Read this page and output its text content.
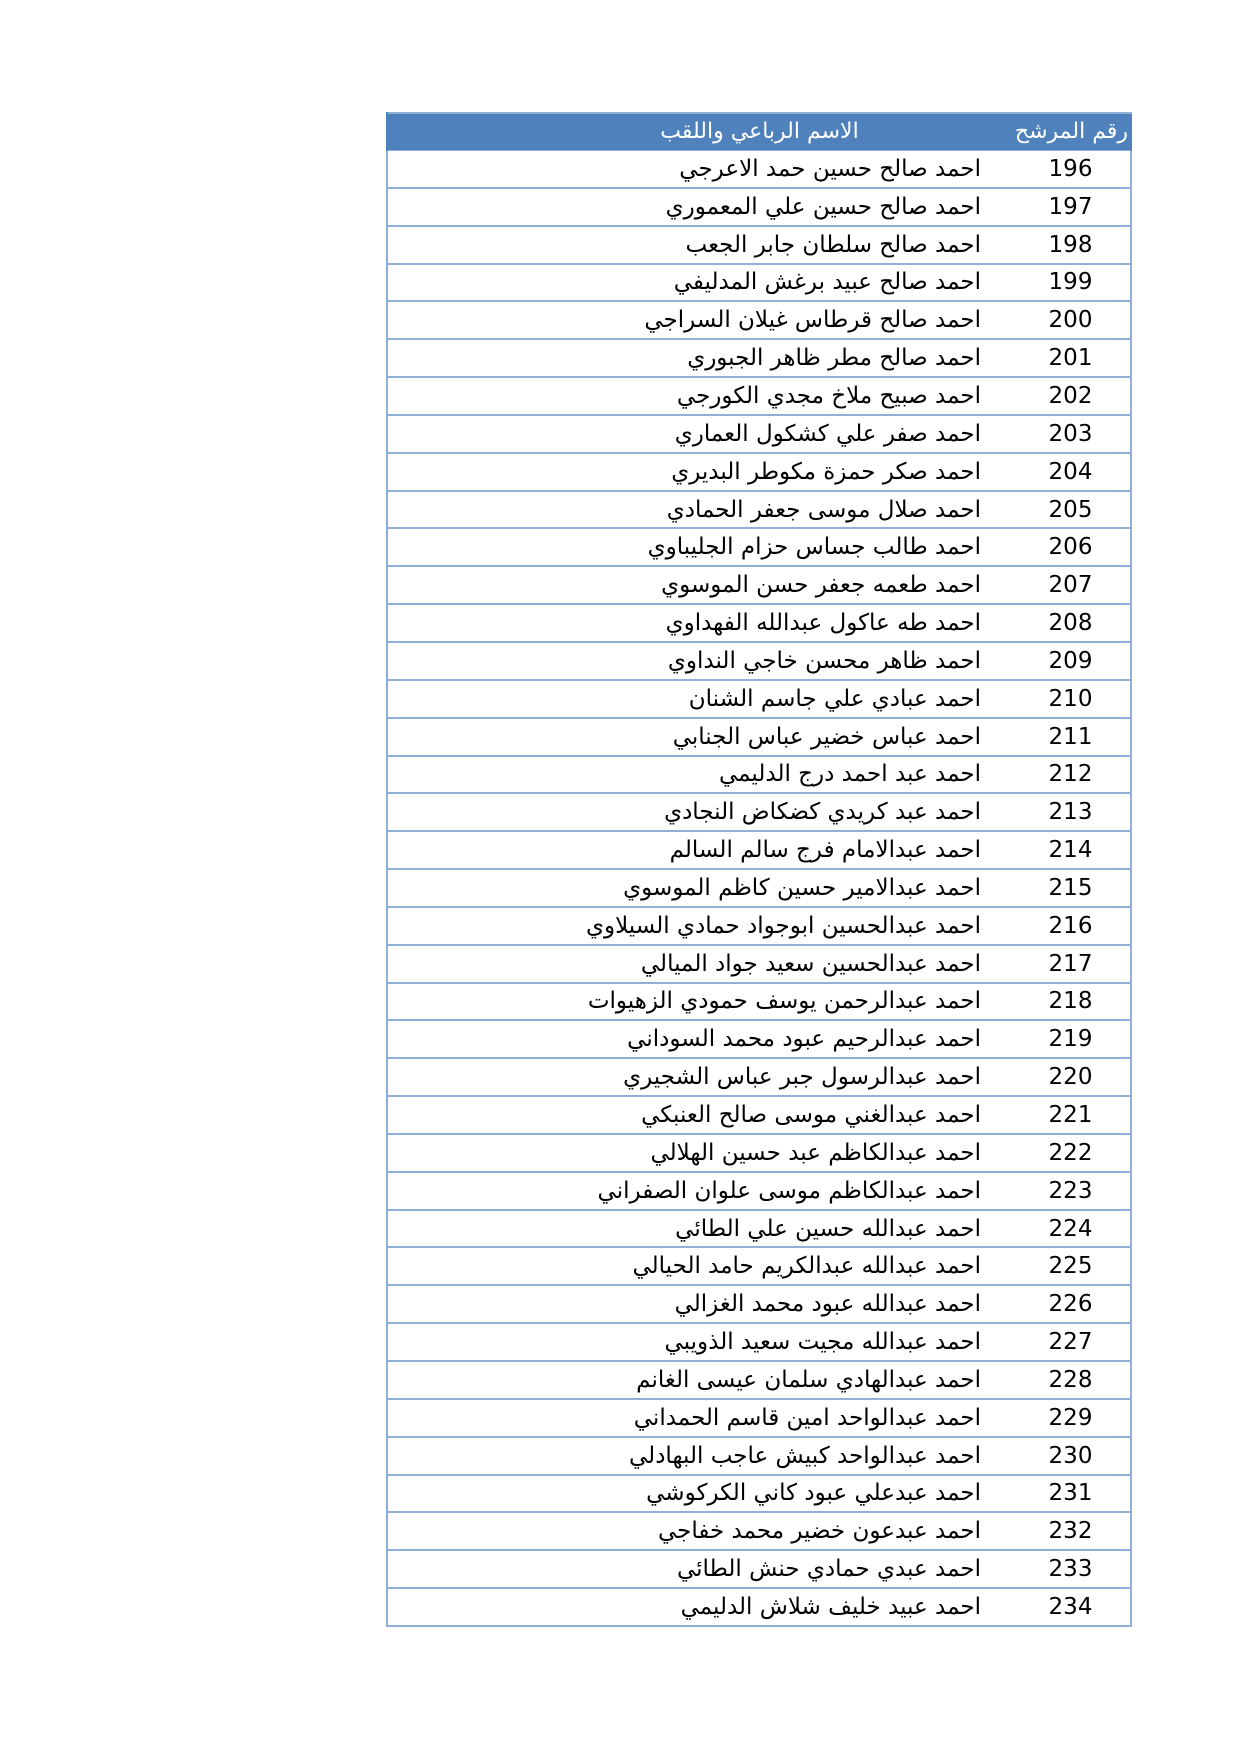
رقم المرشح	الاسم الرباعي واللقب
196	احمد صالح حسين حمد الاعرجي
197	احمد صالح حسين علي المعموري
198	احمد صالح سلطان جابر الجعب
199	احمد صالح عبيد برغش المدليفي
200	احمد صالح قرطاس غيلان السراجي
201	احمد صالح مطر ظاهر الجبوري
202	احمد صبيح ملاخ مجدي الكورجي
203	احمد صفر علي كشكول العماري
204	احمد صكر حمزة مكوطر البديري
205	احمد صلال موسى جعفر الحمادي
206	احمد طالب جساس حزام الجليباوي
207	احمد طعمه جعفر حسن الموسوي
208	احمد طه عاكول عبدالله الفهداوي
209	احمد ظاهر محسن خاجي النداوي
210	احمد عبادي علي جاسم الشنان
211	احمد عباس خضير عباس الجنابي
212	احمد عبد احمد درج الدليمي
213	احمد عبد كريدي كضكاض النجادي
214	احمد عبدالامام فرج سالم السالم
215	احمد عبدالامير حسين كاظم الموسوي
216	احمد عبدالحسين ابوجواد حمادي السيلاوي
217	احمد عبدالحسين سعيد جواد الميالي
218	احمد عبدالرحمن يوسف حمودي الزهيوات
219	احمد عبدالرحيم عبود محمد السوداني
220	احمد عبدالرسول جبر عباس الشجيري
221	احمد عبدالغني موسى صالح العنبكي
222	احمد عبدالكاظم عبد حسين الهلالي
223	احمد عبدالكاظم موسى علوان الصفراني
224	احمد عبدالله حسين علي الطائي
225	احمد عبدالله عبدالكريم حامد الحيالي
226	احمد عبدالله عبود محمد الغزالي
227	احمد عبدالله مجيت سعيد الذويبي
228	احمد عبدالهادي سلمان عيسى الغانم
229	احمد عبدالواحد امين قاسم الحمداني
230	احمد عبدالواحد كبيش عاجب البهادلي
231	احمد عبدعلي عبود كاني الكركوشي
232	احمد عبدعون خضير محمد خفاجي
233	احمد عبدي حمادي حنش الطائي
234	احمد عبيد خليف شلاش الدليمي
